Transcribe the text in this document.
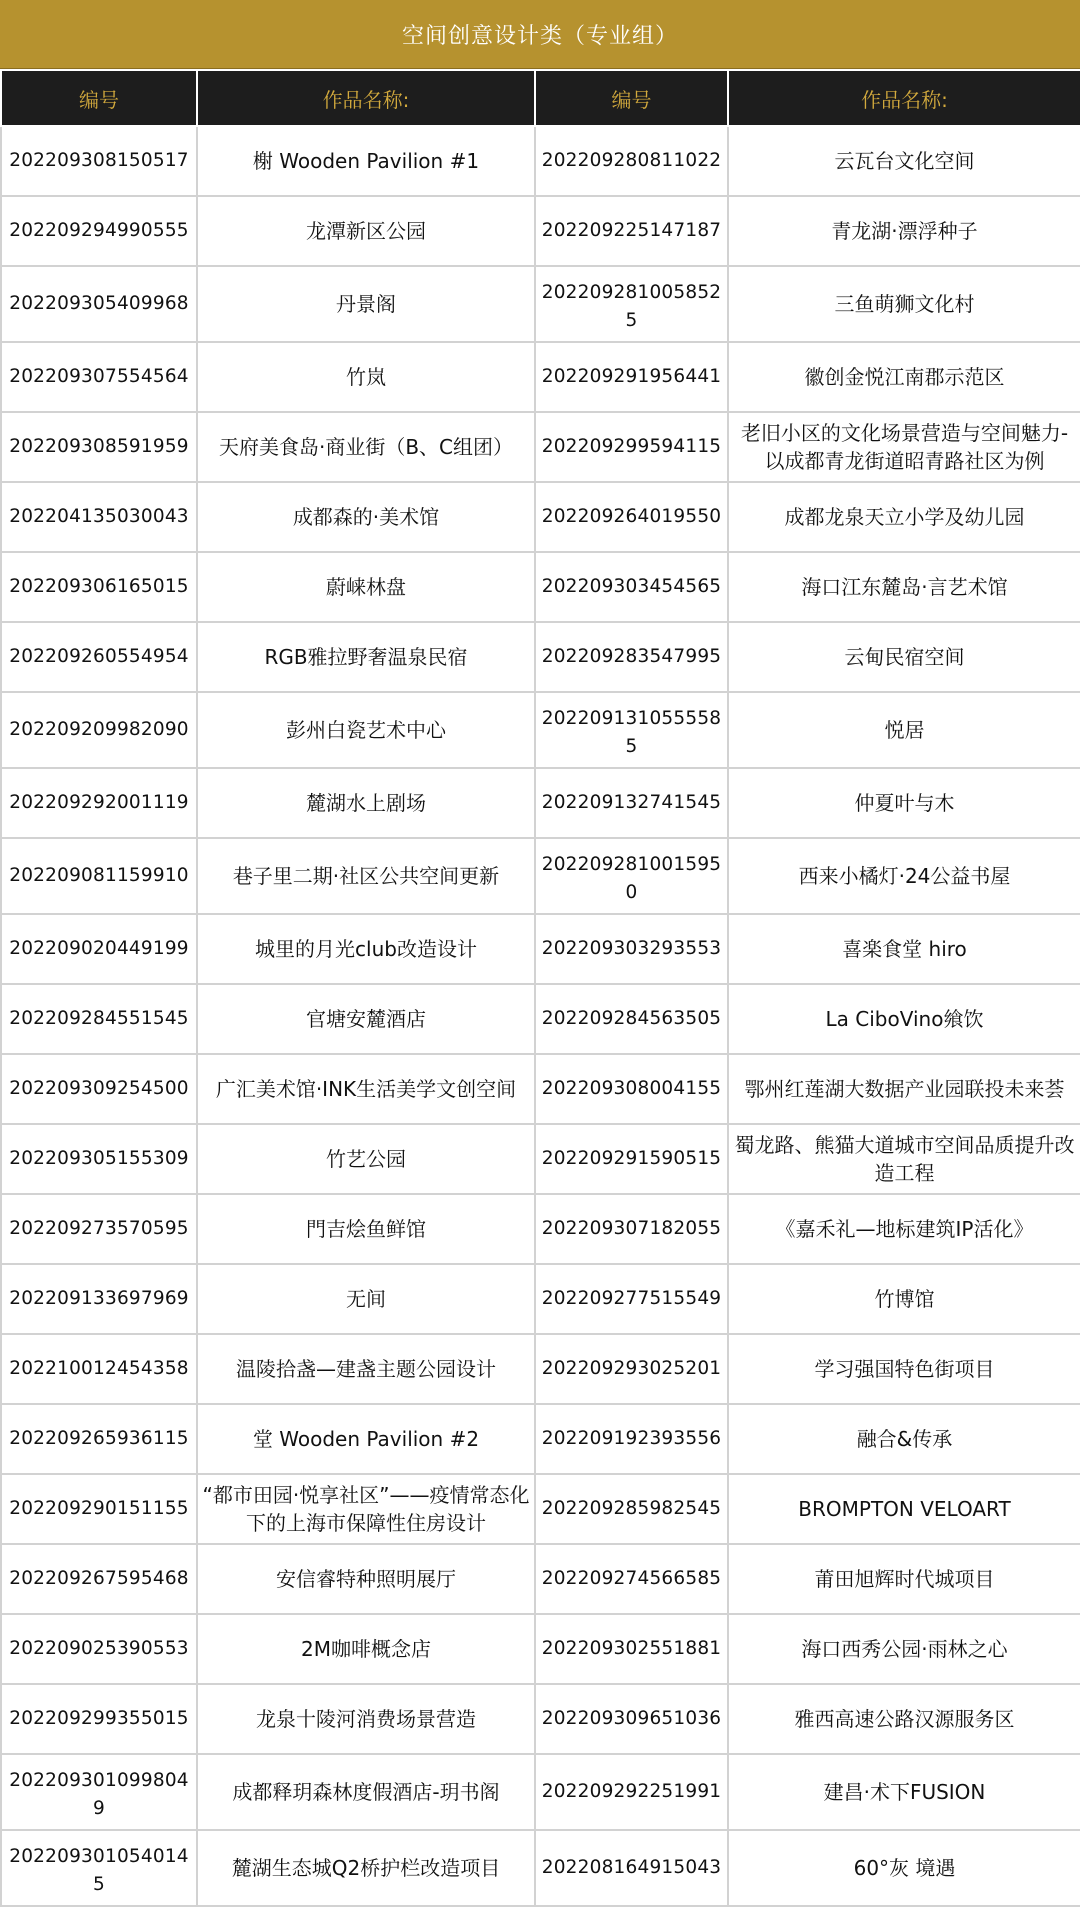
空间创意设计类（专业组）
编号	作品名称:	编号	作品名称:
202209308150517	榭 Wooden Pavilion #1	202209280811022	云瓦台文化空间
202209294990555	龙潭新区公园	202209225147187	青龙湖·漂浮种子
202209305409968	丹景阁	202209281005852 5	三鱼萌狮文化村
202209307554564	竹岚	202209291956441	徽创金悦江南郡示范区
202209308591959	天府美食岛·商业街（B、C组团）	202209299594115	老旧小区的文化场景营造与空间魅力-以成都青龙街道昭青路社区为例
202204135030043	成都森的·美术馆	202209264019550	成都龙泉天立小学及幼儿园
202209306165015	蔚崃林盘	202209303454565	海口江东麓岛·言艺术馆
202209260554954	RGB雅拉野奢温泉民宿	202209283547995	云甸民宿空间
202209209982090	彭州白瓷艺术中心	202209131055558 5	悦居
202209292001119	麓湖水上剧场	202209132741545	仲夏叶与木
202209081159910	巷子里二期·社区公共空间更新	202209281001595 0	西来小橘灯·24公益书屋
202209020449199	城里的月光club改造设计	202209303293553	喜楽食堂 hiro
202209284551545	官塘安麓酒店	202209284563505	La CiboVino飨饮
202209309254500	广汇美术馆·INK生活美学文创空间	202209308004155	鄂州红莲湖大数据产业园联投未来荟
202209305155309	竹艺公园	202209291590515	蜀龙路、熊猫大道城市空间品质提升改造工程
202209273570595	門吉烩鱼鲜馆	202209307182055	《嘉禾礼—地标建筑IP活化》
202209133697969	无间	202209277515549	竹博馆
202210012454358	温陵拾盏—建盏主题公园设计	202209293025201	学习强国特色街项目
202209265936115	堂 Wooden Pavilion #2	202209192393556	融合&传承
202209290151155	“都市田园·悦享社区”——疫情常态化下的上海市保障性住房设计	202209285982545	BROMPTON VELOART
202209267595468	安信睿特种照明展厅	202209274566585	莆田旭辉时代城项目
202209025390553	2M咖啡概念店	202209302551881	海口西秀公园·雨林之心
202209299355015	龙泉十陵河消费场景营造	202209309651036	雅西高速公路汉源服务区
202209301099804 9	成都释玥森林度假酒店-玥书阁	202209292251991	建昌·术下FUSION
202209301054014 5	麓湖生态城Q2桥护栏改造项目	202208164915043	60°灰 境遇
